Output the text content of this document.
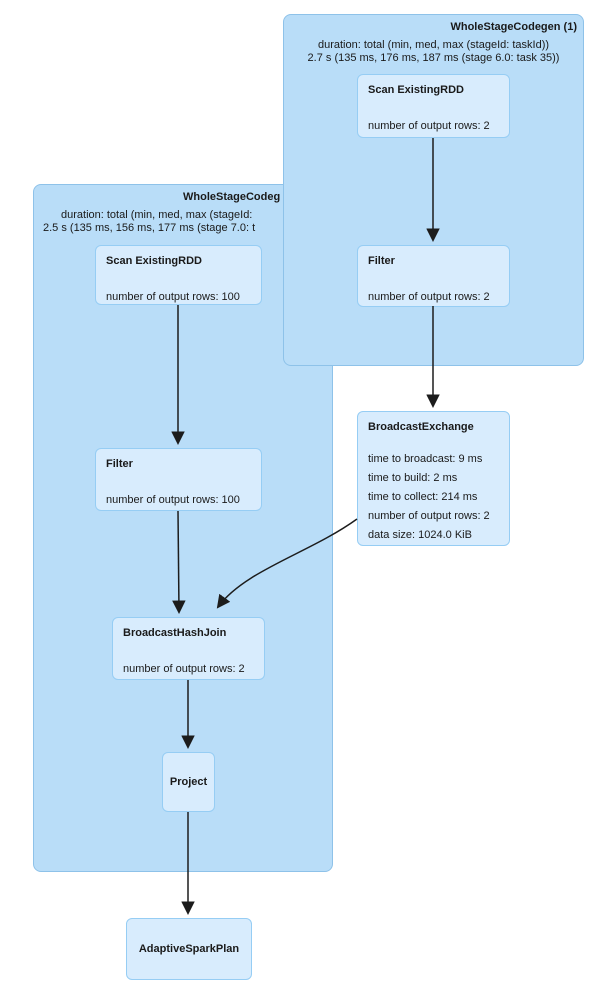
WholeStageCodeg
duration: total (min, med, max (stageId:
2.5 s (135 ms, 156 ms, 177 ms (stage 7.0: t
WholeStageCodegen (1)
duration: total (min, med, max (stageId: taskId))
2.7 s (135 ms, 176 ms, 187 ms (stage 6.0: task 35))
Scan ExistingRDD
number of output rows: 2
Filter
number of output rows: 2
BroadcastExchange
time to broadcast: 9 ms
time to build: 2 ms
time to collect: 214 ms
number of output rows: 2
data size: 1024.0 KiB
Scan ExistingRDD
number of output rows: 100
Filter
number of output rows: 100
BroadcastHashJoin
number of output rows: 2
Project
AdaptiveSparkPlan
